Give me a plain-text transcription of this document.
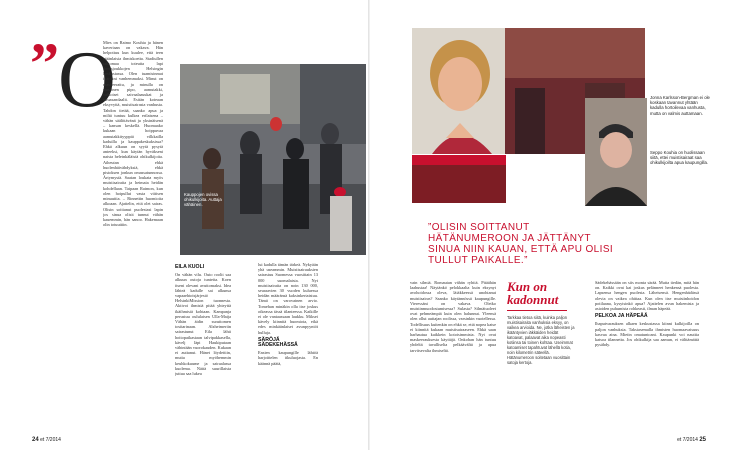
” O

Mies on Raimo Kouhia ja hänen kaveriaan on vakava. Hän helpottuu kun kuulee, että teen etäänlaisia ihmiskoetta. Stadiullen tahtomaa toteutta lapi ihmisjoukkojen Helsingin keskustassa. Olen tuamisinmat ikäisiini vanhemmaksi. Minut on maskeerattu, ja minulla on punainen pipo, aamutakki, valkoiset saivaalaasukat ja taruasandaalit. Esitän koteaan eksyvyttä, muistisairasta vanhusta. Tahdon tietää, saanko apua ja miltä tuntuu kulkea erilaisena – vähän säälittävänä ja yksinäisenä – kansan keskellä. Huomaako kukaan hoippuvaa aamutakkityyppiä vilkkailla kaduilla ja kauppakeskuksissa? Ehkä alkuun on syytä pysytä anteeksi, kun käytän hyväkseni naista heleinkäläistä ohikulkijoita. Aiheutan ehkä huolenhäivähdyksiä, ehkä pistoksen jonkun omassatunnossa. Ärtymystä. Saatan loukata myös muistisairaita ja heimaia heidän kohdellaan. Taipaan Raimon, kun olen hoipullut vasta viitisen minuuttia. – Rinnettin huomioita alkoaan. Ajattelin, että olet sairas. Olisin soittanut puolestasi lapin jos sinua olisit tunnut vähän kauemmin, hän sanoo. Hakemaan olin totuuttiin.

Kauppojen ovissa ohikulkijoita. Auttaja vähäinen.
EILA KUOLI

On vähän vilu. Outo roolit saa alkuun outoja tunteita. Koen itseni olevani avuttomaksi. Idea lähteä kadulle sai alkunsa vapaaehtoisjärjestö HelsinkiMission tuonnesta. Aktivoi ihmisiä pitää yhteyttä ikäihmisiä kohtaan. Kampanja perustuu oululaisen Ulla-Maija Vähän äidin suruttomen tositarinaan. Alzheimeriin sairastunut Eila lähti hoitopaikastaan talvipakkasella, kävelj läpi Haukiputaan vähintään vuorokauden. Kukaan ei auttanut. Hänet löydettiin, mutta myöhemmin keuhkokuume ja sairaalassa kuolema. Näitä suurillaista juttua saa lukea

lui kadulla tämän tärkeä. Nykyään yhä useammin. Muistisairauksien sairastuu Suomessa vuosittain 13 000 suomalaista. Nyt muistisairaita on noin 130 000, seuraavien 30 vuoden kuluessa heidän määränsä kaksinkertaistuu. Tämä on varovainen arvio. Tomehan minäkin olla itse joskus oikeassa tässä tilanteessa. Kaikille ei ole vantaassaan laukku. Miksei kävely kiinnitä huomiota, eikä edes minkäänlaiset avunpyyntöt hulluja.

SÄRÖJÄ SÄDEKEHÄSSÄ

Ensien kaupungille lähtöä harjoittelen itkuluojasta. En käännä päätä,

24 et 7/2014
Jonna Karlsson-Bergman ei ole koskaan tavannut yhtään kadulla hortoilevaa vanhusta, mutta on valmis auttamaan.
Seppo Kouhia on huolissaan siitä, ettei muistisairaat saa ohikulkijoilta apua kaupungilla.
”OLISIN SOITTANUT HÄTÄNUMEROON JA JÄTTÄNYT SINUA NIIN KAUAN, ETTÄ APU OLISI TULLUT PAIKALLE.”

vain silmiä. Romautan vähän ryhtiä. Pitäähän laahustaa! Näytänkö pelokkaalta kuin eksynyt avohoidossa oleva, läiäkkeessä unohtanut muistisairas? Saanko käytännössä kaupungille. Vieressäni on vakava. Oletko muistinmuodostumisessa? Sulasta? Silmätuoleet ovat pehmeämpiä kuin olen halunnut. Yleensä olen ollut auttajan roolissa, varsinkin vuotellessa. Todellisuus kuitenkin on ehkä se, että nopea katse ei kiinnitä kukaan muistisairaaseen. Ehkä saan harhautua kaikkein kotoisimmista. Nyt ovat maskeerauksesta käyttäjä. Onkohan hän tuntuu yhdeltä tavalliselta pelkäävältä ja apua tarvitsevalta ihmiseltä.

Kun on kadonnut
Tarkkaa tietoa siitä, kuinka paljon muistisairaita vanhuksia eksyy, on vaikea arvioida. Ne, jotka läheisten ja ikääntyvien iäkkäiden heidät katoavat, palaavat aika nopeasti kotiinsa tai toinen kohtaa. Useimmat katoamiset tapahtuvat lähellä kotia, noin kilometrin säteellä. Hätänumeroon soitetaan vuosittain satoja kertoja.

Sädekehässään on siis monta särää. Mutta tiedän, mitä hän on. Kaikki ovat kai joskus pelänneet henkensä puolesta. Lapsensa hengen puolesta. Läheisensä. Hengenhädässä olevia on vaikea ohittaa. Kun olen itse muistinhoidon potilaana, kysyisinkö apua? Ajattelen avun hakemista ja asioiden puhumista rohkeasti, ilman häpeää.

PELKOA JA HÄPEÄÄ

Ihaputvarauksen alkaen keskustassa kiinni kulkijoilla on paljon vanhuksia. Taksiasemalla ihmisten huomaavaisuus kasvaa aina. Mietin omatuntoani. Kaupunki voi nauttia katsoa tilannetta. Jos ohikulkija saa aamun, ei välttämättä pysähdy.

et 7/2014 25
